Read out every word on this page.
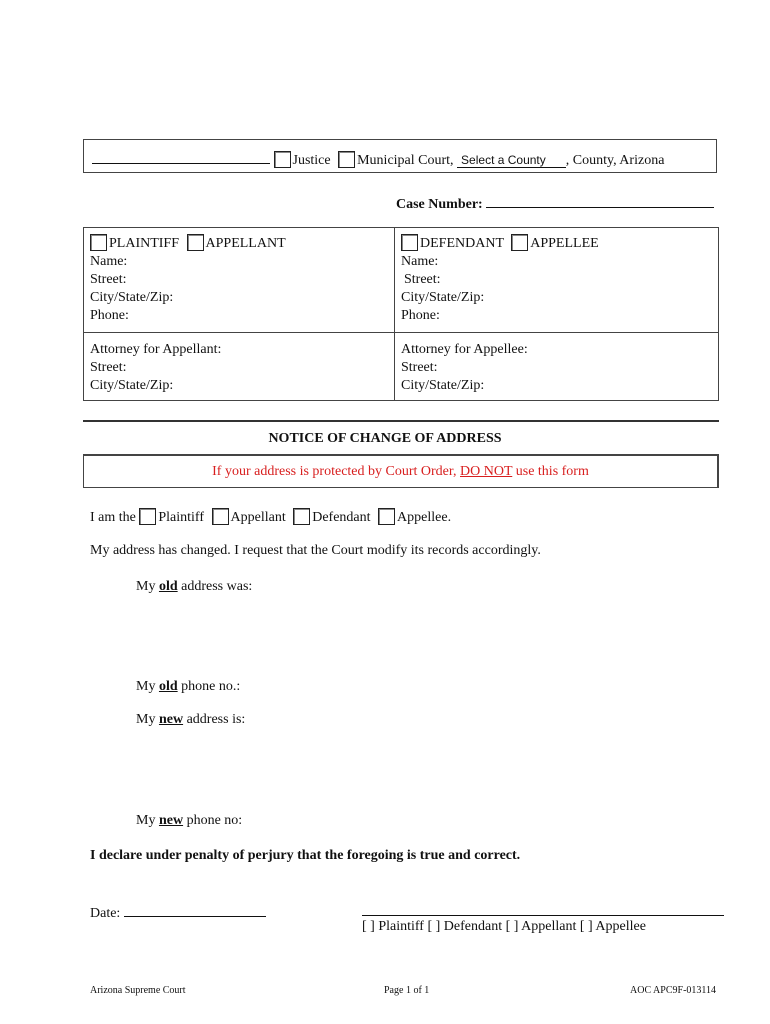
Justice Municipal Court, Select a County , County, Arizona
Case Number:
PLAINTIFF APPELLANT
Name:
Street:
City/State/Zip:
Phone:
DEFENDANT APPELLEE
Name:
Street:
City/State/Zip:
Phone:
Attorney for Appellant:
Street:
City/State/Zip:
Attorney for Appellee:
Street:
City/State/Zip:
NOTICE OF CHANGE OF ADDRESS
If your address is protected by Court Order, DO NOT use this form
I am the Plaintiff Appellant Defendant Appellee.
My address has changed. I request that the Court modify its records accordingly.
My old address was:
My old phone no.:
My new address is:
My new phone no:
I declare under penalty of perjury that the foregoing is true and correct.
Date:
[ ] Plaintiff [ ] Defendant [ ] Appellant [ ] Appellee
Arizona Supreme Court	Page 1 of 1	AOC APC9F-013114
